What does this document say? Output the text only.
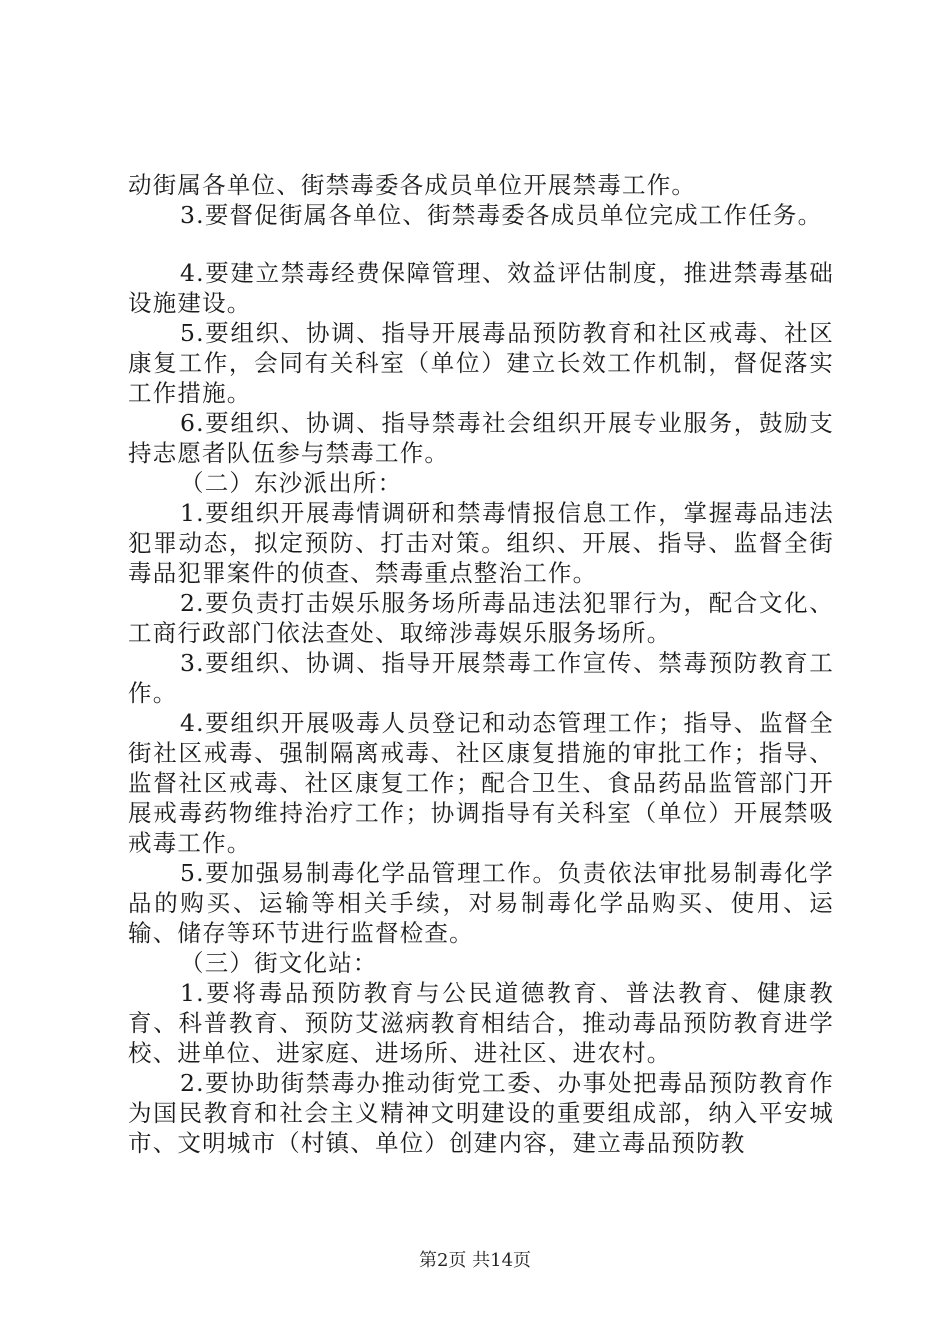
动街属各单位、街禁毒委各成员单位开展禁毒工作。

3.要督促街属各单位、街禁毒委各成员单位完成工作任务。

4.要建立禁毒经费保障管理、效益评估制度，推进禁毒基础设施建设。

5.要组织、协调、指导开展毒品预防教育和社区戒毒、社区康复工作，会同有关科室（单位）建立长效工作机制，督促落实工作措施。

6.要组织、协调、指导禁毒社会组织开展专业服务，鼓励支持志愿者队伍参与禁毒工作。

（二）东沙派出所：

1.要组织开展毒情调研和禁毒情报信息工作，掌握毒品违法犯罪动态，拟定预防、打击对策。组织、开展、指导、监督全街毒品犯罪案件的侦查、禁毒重点整治工作。

2.要负责打击娱乐服务场所毒品违法犯罪行为，配合文化、工商行政部门依法查处、取缔涉毒娱乐服务场所。

3.要组织、协调、指导开展禁毒工作宣传、禁毒预防教育工作。

4.要组织开展吸毒人员登记和动态管理工作；指导、监督全街社区戒毒、强制隔离戒毒、社区康复措施的审批工作；指导、监督社区戒毒、社区康复工作；配合卫生、食品药品监管部门开展戒毒药物维持治疗工作；协调指导有关科室（单位）开展禁吸戒毒工作。

5.要加强易制毒化学品管理工作。负责依法审批易制毒化学品的购买、运输等相关手续，对易制毒化学品购买、使用、运输、储存等环节进行监督检查。

（三）街文化站：

1.要将毒品预防教育与公民道德教育、普法教育、健康教育、科普教育、预防艾滋病教育相结合，推动毒品预防教育进学校、进单位、进家庭、进场所、进社区、进农村。

2.要协助街禁毒办推动街党工委、办事处把毒品预防教育作为国民教育和社会主义精神文明建设的重要组成部，纳入平安城市、文明城市（村镇、单位）创建内容，建立毒品预防教

第2页 共14页
